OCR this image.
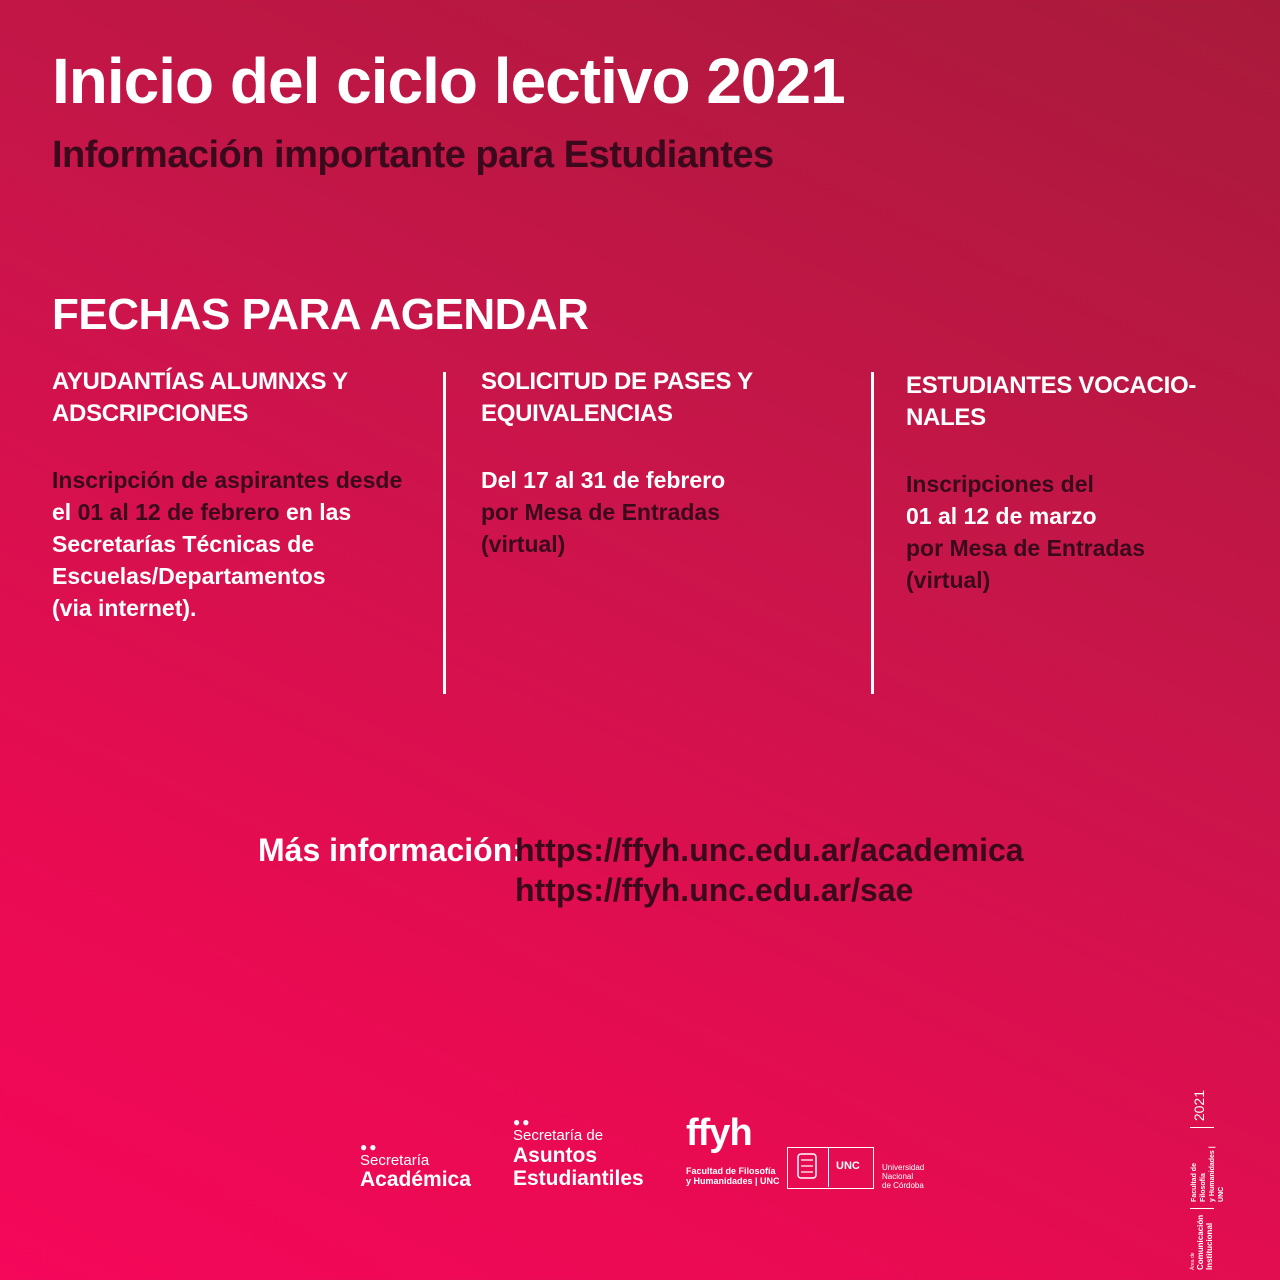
Inicio del ciclo lectivo 2021
Información importante para Estudiantes
FECHAS PARA AGENDAR
AYUDANTÍAS ALUMNXS Y
ADSCRIPCIONES
Inscripción de aspirantes desde
el 01 al 12 de febrero en las
Secretarías Técnicas de
Escuelas/Departamentos
(via internet).
SOLICITUD DE PASES Y
EQUIVALENCIAS
Del 17 al 31 de febrero
por Mesa de Entradas
(virtual)
ESTUDIANTES VOCACIO-
NALES
Inscripciones del
01 al 12 de marzo
por Mesa de Entradas
(virtual)
Más información:
https://ffyh.unc.edu.ar/academica
https://ffyh.unc.edu.ar/sae
●●
Secretaría
Académica
●●
Secretaría de
Asuntos
Estudiantiles
ffyh
Facultad de Filosofía
y Humanidades | UNC
UNC	Universidad
Nacional
de Córdoba
Área de Comunicación Institucional
Facultad de Filosofía y Humanidades | UNC
2021
